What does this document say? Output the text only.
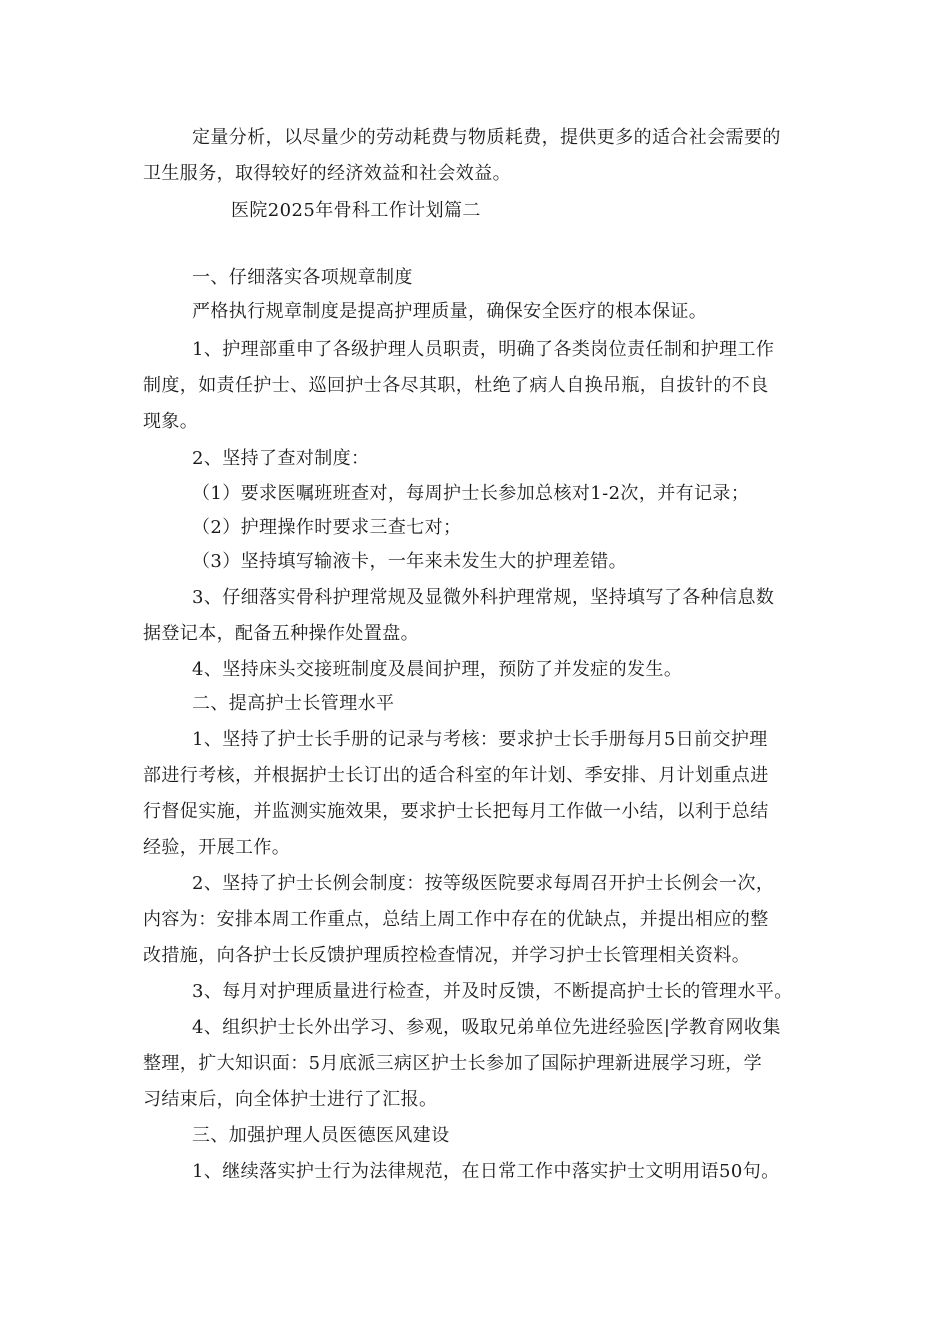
定量分析，以尽量少的劳动耗费与物质耗费，提供更多的适合社会需要的
卫生服务，取得较好的经济效益和社会效益。
医院2025年骨科工作计划篇二
一、仔细落实各项规章制度
严格执行规章制度是提高护理质量，确保安全医疗的根本保证。
1、护理部重申了各级护理人员职责，明确了各类岗位责任制和护理工作
制度，如责任护士、巡回护士各尽其职，杜绝了病人自换吊瓶，自拔针的不良
现象。
2、坚持了查对制度：
（1）要求医嘱班班查对，每周护士长参加总核对1-2次，并有记录；
（2）护理操作时要求三查七对；
（3）坚持填写输液卡，一年来未发生大的护理差错。
3、仔细落实骨科护理常规及显微外科护理常规，坚持填写了各种信息数
据登记本，配备五种操作处置盘。
4、坚持床头交接班制度及晨间护理，预防了并发症的发生。
二、提高护士长管理水平
1、坚持了护士长手册的记录与考核：要求护士长手册每月5日前交护理
部进行考核，并根据护士长订出的适合科室的年计划、季安排、月计划重点进
行督促实施，并监测实施效果，要求护士长把每月工作做一小结，以利于总结
经验，开展工作。
2、坚持了护士长例会制度：按等级医院要求每周召开护士长例会一次，
内容为：安排本周工作重点，总结上周工作中存在的优缺点，并提出相应的整
改措施，向各护士长反馈护理质控检查情况，并学习护士长管理相关资料。
3、每月对护理质量进行检查，并及时反馈，不断提高护士长的管理水平。
4、组织护士长外出学习、参观，吸取兄弟单位先进经验医|学教育网收集
整理，扩大知识面：5月底派三病区护士长参加了国际护理新进展学习班，学
习结束后，向全体护士进行了汇报。
三、加强护理人员医德医风建设
1、继续落实护士行为法律规范，在日常工作中落实护士文明用语50句。
